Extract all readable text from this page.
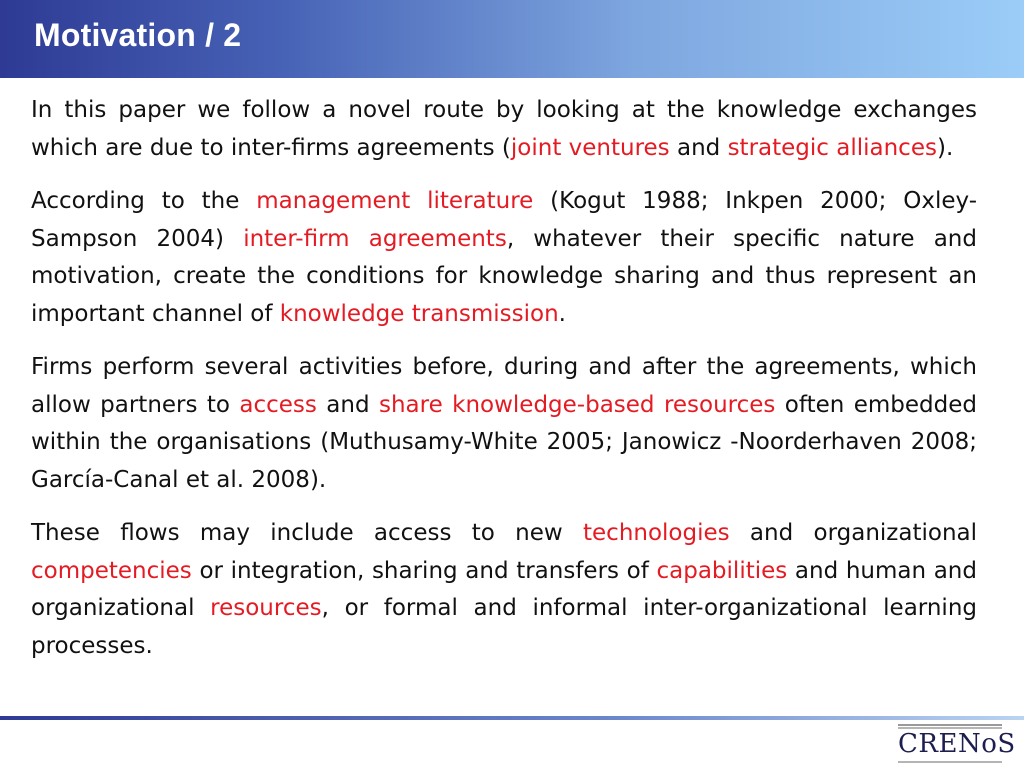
Motivation / 2

In this paper we follow a novel route by looking at the knowledge exchanges which are due to inter-firms agreements (joint ventures and strategic alliances).

According to the management literature (Kogut 1988; Inkpen 2000; Oxley-Sampson 2004) inter-firm agreements, whatever their specific nature and motivation, create the conditions for knowledge sharing and thus represent an important channel of knowledge transmission.

Firms perform several activities before, during and after the agreements, which allow partners to access and share knowledge-based resources often embedded within the organisations (Muthusamy-White 2005; Janowicz -Noorderhaven 2008; García-Canal et al. 2008).

These flows may include access to new technologies and organizational competencies or integration, sharing and transfers of capabilities and human and organizational resources, or formal and informal inter-organizational learning processes.

CRENoS
